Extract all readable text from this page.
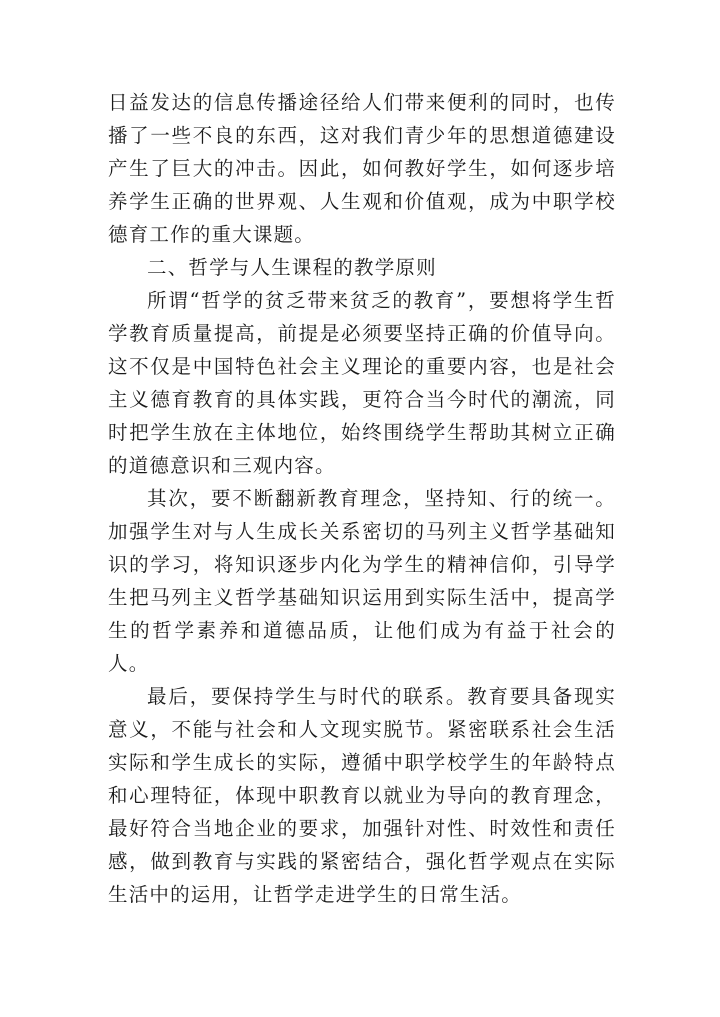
日益发达的信息传播途径给人们带来便利的同时，也传播了一些不良的东西，这对我们青少年的思想道德建设产生了巨大的冲击。因此，如何教好学生，如何逐步培养学生正确的世界观、人生观和价值观，成为中职学校德育工作的重大课题。

二、哲学与人生课程的教学原则

所谓“哲学的贫乏带来贫乏的教育”，要想将学生哲学教育质量提高，前提是必须要坚持正确的价值导向。这不仅是中国特色社会主义理论的重要内容，也是社会主义德育教育的具体实践，更符合当今时代的潮流，同时把学生放在主体地位，始终围绕学生帮助其树立正确的道德意识和三观内容。

其次，要不断翻新教育理念，坚持知、行的统一。加强学生对与人生成长关系密切的马列主义哲学基础知识的学习，将知识逐步内化为学生的精神信仰，引导学生把马列主义哲学基础知识运用到实际生活中，提高学生的哲学素养和道德品质，让他们成为有益于社会的人。

最后，要保持学生与时代的联系。教育要具备现实意义，不能与社会和人文现实脱节。紧密联系社会生活实际和学生成长的实际，遵循中职学校学生的年龄特点和心理特征，体现中职教育以就业为导向的教育理念，最好符合当地企业的要求，加强针对性、时效性和责任感，做到教育与实践的紧密结合，强化哲学观点在实际生活中的运用，让哲学走进学生的日常生活。
